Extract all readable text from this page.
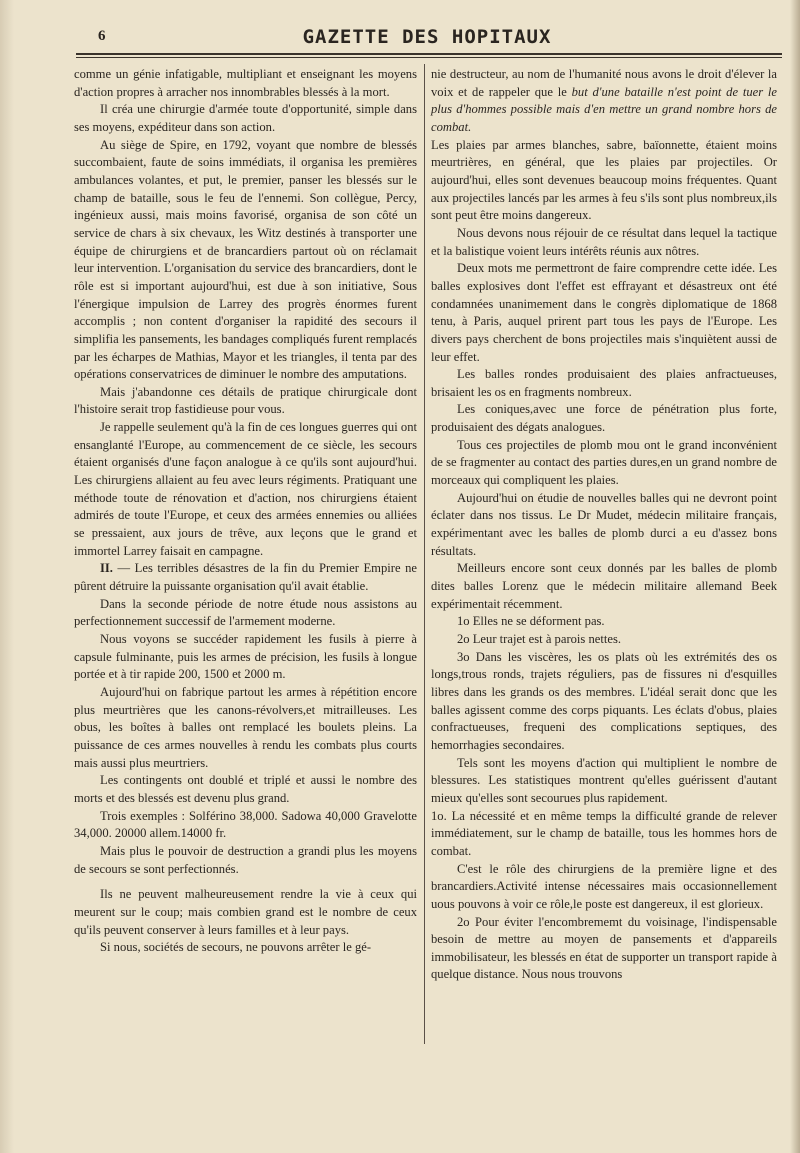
6	GAZETTE DES HOPITAUX

comme un génie infatigable, multipliant et enseignant les moyens d'action propres à arracher nos innombrables blessés à la mort.

Il créa une chirurgie d'armée toute d'opportunité, simple dans ses moyens, expéditeur dans son action.

Au siège de Spire, en 1792, voyant que nombre de blessés succombaient, faute de soins immédiats, il organisa les premières ambulances volantes, et put, le premier, panser les blessés sur le champ de bataille, sous le feu de l'ennemi. Son collègue, Percy, ingénieux aussi, mais moins favorisé, organisa de son côté un service de chars à six chevaux, les Witz destinés à transporter une équipe de chirurgiens et de brancardiers partout où on réclamait leur intervention. L'organisation du service des brancardiers, dont le rôle est si important aujourd'hui, est due à son initiative, Sous l'énergique impulsion de Larrey des progrès énormes furent accomplis ; non content d'organiser la rapidité des secours il simplifia les pansements, les bandages compliqués furent remplacés par les écharpes de Mathias, Mayor et les triangles, il tenta par des opérations conservatrices de diminuer le nombre des amputations.

Mais j'abandonne ces détails de pratique chirurgicale dont l'histoire serait trop fastidieuse pour vous.

Je rappelle seulement qu'à la fin de ces longues guerres qui ont ensanglanté l'Europe, au commencement de ce siècle, les secours étaient organisés d'une façon analogue à ce qu'ils sont aujourd'hui. Les chirurgiens allaient au feu avec leurs régiments. Pratiquant une méthode toute de rénovation et d'action, nos chirurgiens étaient admirés de toute l'Europe, et ceux des armées ennemies ou alliées se pressaient, aux jours de trêve, aux leçons que le grand et immortel Larrey faisait en campagne.

II. — Les terribles désastres de la fin du Premier Empire ne pûrent détruire la puissante organisation qu'il avait établie.

Dans la seconde période de notre étude nous assistons au perfectionnement successif de l'armement moderne.

Nous voyons se succéder rapidement les fusils à pierre à capsule fulminante, puis les armes de précision, les fusils à longue portée et à tir rapide 200, 1500 et 2000 m.

Aujourd'hui on fabrique partout les armes à répétition encore plus meurtrières que les canons-révolvers,et mitrailleuses. Les obus, les boîtes à balles ont remplacé les boulets pleins. La puissance de ces armes nouvelles à rendu les combats plus courts mais aussi plus meurtriers.

Les contingents ont doublé et triplé et aussi le nombre des morts et des blessés est devenu plus grand.

Trois exemples : Solférino 38,000. Sadowa 40,000 Gravelotte 34,000. 20000 allem.14000 fr.

Mais plus le pouvoir de destruction a grandi plus les moyens de secours se sont perfectionnés.

Ils ne peuvent malheureusement rendre la vie à ceux qui meurent sur le coup; mais combien grand est le nombre de ceux qu'ils peuvent conserver à leurs familles et à leur pays.

Si nous, sociétés de secours, ne pouvons arrêter le gé-

nie destructeur, au nom de l'humanité nous avons le droit d'élever la voix et de rappeler que le but d'une bataille n'est point de tuer le plus d'hommes possible mais d'en mettre un grand nombre hors de combat.

Les plaies par armes blanches, sabre, baïonnette, étaient moins meurtrières, en général, que les plaies par projectiles. Or aujourd'hui, elles sont devenues beaucoup moins fréquentes. Quant aux projectiles lancés par les armes à feu s'ils sont plus nombreux,ils sont peut être moins dangereux.

Nous devons nous réjouir de ce résultat dans lequel la tactique et la balistique voient leurs intérêts réunis aux nôtres.

Deux mots me permettront de faire comprendre cette idée. Les balles explosives dont l'effet est effrayant et désastreux ont été condamnées unanimement dans le congrès diplomatique de 1868 tenu, à Paris, auquel prirent part tous les pays de l'Europe. Les divers pays cherchent de bons projectiles mais s'inquiètent aussi de leur effet.

Les balles rondes produisaient des plaies anfractueuses, brisaient les os en fragments nombreux.

Les coniques,avec une force de pénétration plus forte, produisaient des dégats analogues.

Tous ces projectiles de plomb mou ont le grand inconvénient de se fragmenter au contact des parties dures,en un grand nombre de morceaux qui compliquent les plaies.

Aujourd'hui on étudie de nouvelles balles qui ne devront point éclater dans nos tissus. Le Dr Mudet, médecin militaire français, expérimentant avec les balles de plomb durci a eu d'assez bons résultats.

Meilleurs encore sont ceux donnés par les balles de plomb dites balles Lorenz que le médecin militaire allemand Beek expérimentait récemment.

1o Elles ne se déforment pas.

2o Leur trajet est à parois nettes.

3o Dans les viscères, les os plats où les extrémités des os longs,trous ronds, trajets réguliers, pas de fissures ni d'esquilles libres dans les grands os des membres. L'idéal serait donc que les balles agissent comme des corps piquants. Les éclats d'obus, plaies confractueuses, frequeni des complications septiques, des hemorrhagies secondaires.

Tels sont les moyens d'action qui multiplient le nombre de blessures. Les statistiques montrent qu'elles guérissent d'autant mieux qu'elles sont secourues plus rapidement.

1o. La nécessité et en même temps la difficulté grande de relever immédiatement, sur le champ de bataille, tous les hommes hors de combat.

C'est le rôle des chirurgiens de la première ligne et des brancardiers.Activité intense nécessaires mais occasionnellement uous pouvons à voir ce rôle,le poste est dangereux, il est glorieux.

2o Pour éviter l'encombrememt du voisinage, l'indispensable besoin de mettre au moyen de pansements et d'appareils immobilisateur, les blessés en état de supporter un transport rapide à quelque distance. Nous nous trouvons
